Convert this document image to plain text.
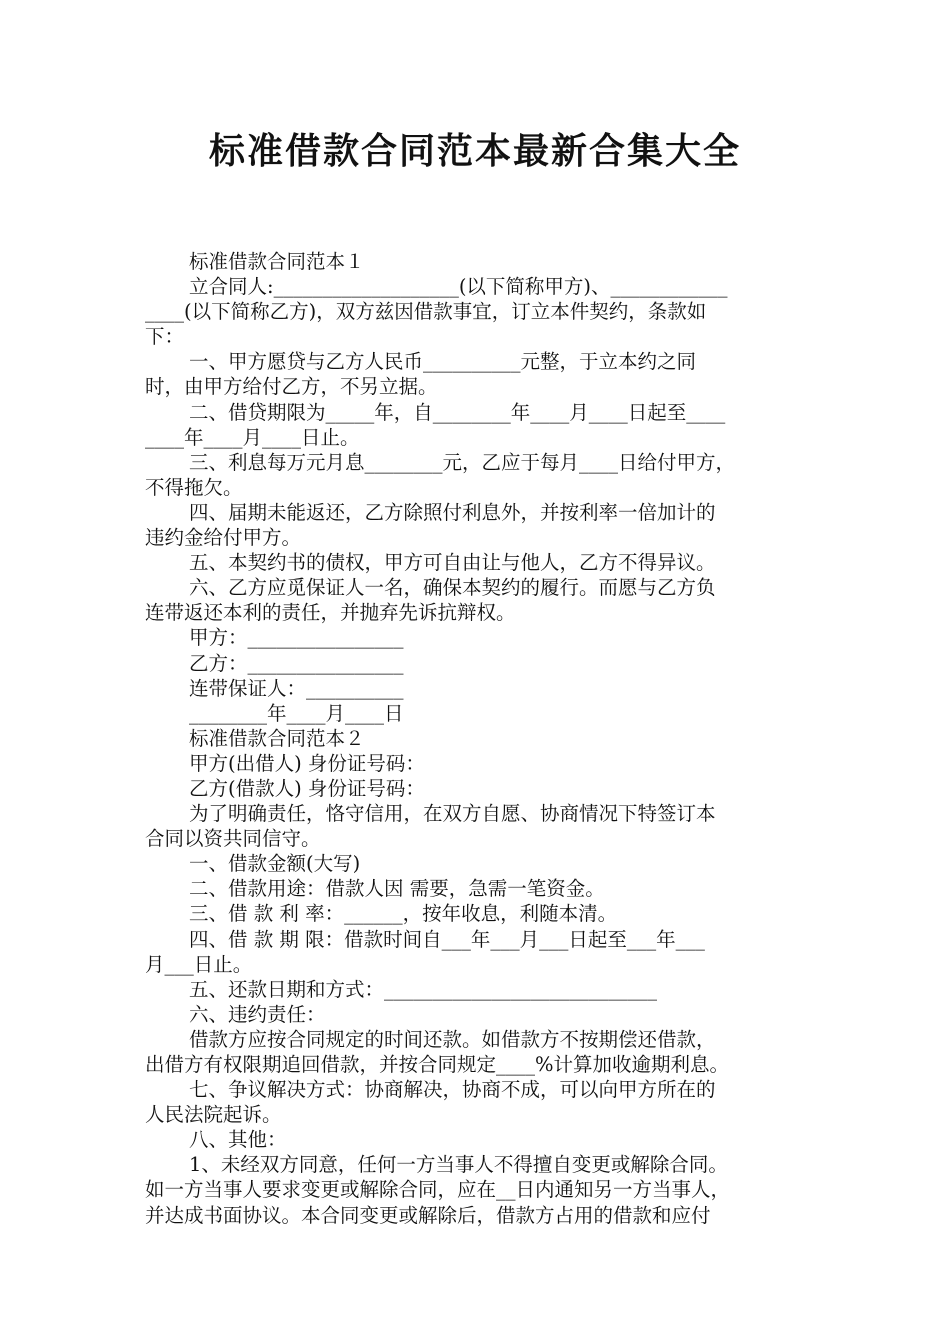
标准借款合同范本最新合集大全
标准借款合同范本１
立合同人:___________________(以下简称甲方)、____________
____(以下简称乙方)，双方兹因借款事宜，订立本件契约，条款如
下：
一、甲方愿贷与乙方人民币__________元整，于立本约之同
时，由甲方给付乙方，不另立据。
二、借贷期限为_____年，自________年____月____日起至____
____年____月____日止。
三、利息每万元月息________元，乙应于每月____日给付甲方，
不得拖欠。
四、届期未能返还，乙方除照付利息外，并按利率一倍加计的
违约金给付甲方。
五、本契约书的债权，甲方可自由让与他人，乙方不得异议。
六、乙方应觅保证人一名，确保本契约的履行。而愿与乙方负
连带返还本利的责任，并抛弃先诉抗辩权。
甲方：________________
乙方：________________
连带保证人：__________
________年____月____日
标准借款合同范本２
甲方(出借人) 身份证号码：
乙方(借款人) 身份证号码：
为了明确责任，恪守信用，在双方自愿、协商情况下特签订本
合同以资共同信守。
一、借款金额(大写)
二、借款用途：借款人因 需要，急需一笔资金。
三、借 款 利 率：______，按年收息，利随本清。
四、借 款 期 限：借款时间自___年___月___日起至___年___
月___日止。
五、还款日期和方式：____________________________
六、违约责任：
借款方应按合同规定的时间还款。如借款方不按期偿还借款，
出借方有权限期追回借款，并按合同规定____%计算加收逾期利息。
七、争议解决方式：协商解决，协商不成，可以向甲方所在的
人民法院起诉。
八、其他：
1、未经双方同意，任何一方当事人不得擅自变更或解除合同。
如一方当事人要求变更或解除合同，应在__日内通知另一方当事人，
并达成书面协议。本合同变更或解除后，借款方占用的借款和应付
